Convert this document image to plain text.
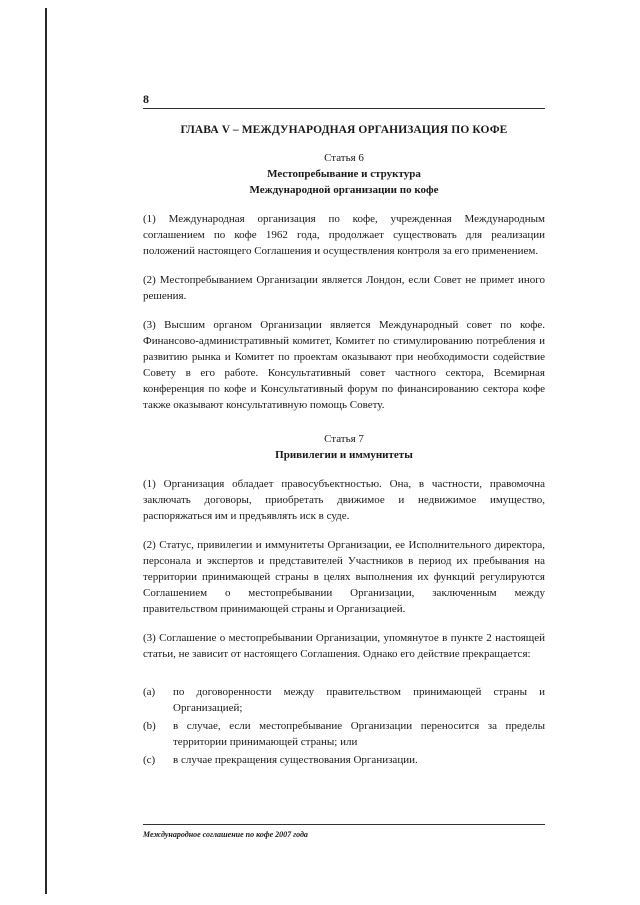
8
ГЛАВА V – МЕЖДУНАРОДНАЯ ОРГАНИЗАЦИЯ ПО КОФЕ
Статья 6
Местопребывание и структура
Международной организации по кофе

(1) Международная организация по кофе, учрежденная Международным соглашением по кофе 1962 года, продолжает существовать для реализации положений настоящего Соглашения и осуществления контроля за его применением.

(2) Местопребыванием Организации является Лондон, если Совет не примет иного решения.

(3) Высшим органом Организации является Международный совет по кофе. Финансово-административный комитет, Комитет по стимулированию потребления и развитию рынка и Комитет по проектам оказывают при необходимости содействие Совету в его работе. Консультативный совет частного сектора, Всемирная конференция по кофе и Консультативный форум по финансированию сектора кофе также оказывают консультативную помощь Совету.

Статья 7
Привилегии и иммунитеты

(1) Организация обладает правосубъектностью. Она, в частности, правомочна заключать договоры, приобретать движимое и недвижимое имущество, распоряжаться им и предъявлять иск в суде.

(2) Статус, привилегии и иммунитеты Организации, ее Исполнительного директора, персонала и экспертов и представителей Участников в период их пребывания на территории принимающей страны в целях выполнения их функций регулируются Соглашением о местопребывании Организации, заключенным между правительством принимающей страны и Организацией.

(3) Соглашение о местопребывании Организации, упомянутое в пункте 2 настоящей статьи, не зависит от настоящего Соглашения. Однако его действие прекращается:

(a)	по договоренности между правительством принимающей страны и Организацией;
(b)	в случае, если местопребывание Организации переносится за пределы территории принимающей страны; или
(c)	в случае прекращения существования Организации.
Международное соглашение по кофе 2007 года
